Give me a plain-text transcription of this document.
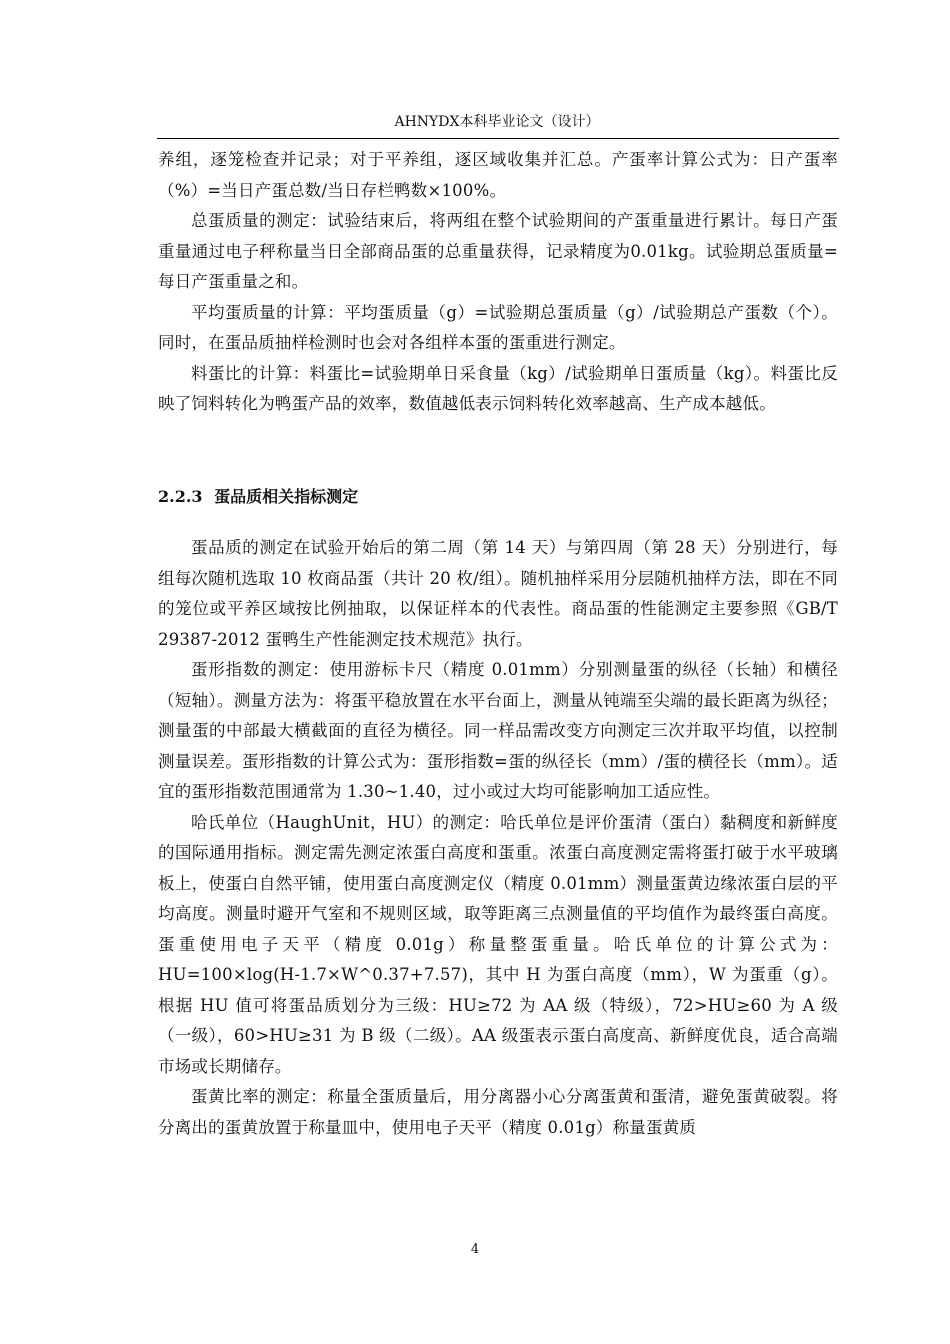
AHNYDX本科毕业论文（设计）

养组，逐笼检查并记录；对于平养组，逐区域收集并汇总。产蛋率计算公式为：日产蛋率（%）=当日产蛋总数/当日存栏鸭数×100%。

总蛋质量的测定：试验结束后，将两组在整个试验期间的产蛋重量进行累计。每日产蛋重量通过电子秤称量当日全部商品蛋的总重量获得，记录精度为0.01kg。试验期总蛋质量=每日产蛋重量之和。

平均蛋质量的计算：平均蛋质量（g）=试验期总蛋质量（g）/试验期总产蛋数（个）。同时，在蛋品质抽样检测时也会对各组样本蛋的蛋重进行测定。

料蛋比的计算：料蛋比=试验期单日采食量（kg）/试验期单日蛋质量（kg）。料蛋比反映了饲料转化为鸭蛋产品的效率，数值越低表示饲料转化效率越高、生产成本越低。

2.2.3 蛋品质相关指标测定

蛋品质的测定在试验开始后的第二周（第 14 天）与第四周（第 28 天）分别进行，每组每次随机选取 10 枚商品蛋（共计 20 枚/组）。随机抽样采用分层随机抽样方法，即在不同的笼位或平养区域按比例抽取，以保证样本的代表性。商品蛋的性能测定主要参照《GB/T 29387-2012 蛋鸭生产性能测定技术规范》执行。

蛋形指数的测定：使用游标卡尺（精度 0.01mm）分别测量蛋的纵径（长轴）和横径（短轴）。测量方法为：将蛋平稳放置在水平台面上，测量从钝端至尖端的最长距离为纵径；测量蛋的中部最大横截面的直径为横径。同一样品需改变方向测定三次并取平均值，以控制测量误差。蛋形指数的计算公式为：蛋形指数=蛋的纵径长（mm）/蛋的横径长（mm）。适宜的蛋形指数范围通常为 1.30~1.40，过小或过大均可能影响加工适应性。

哈氏单位（HaughUnit，HU）的测定：哈氏单位是评价蛋清（蛋白）黏稠度和新鲜度的国际通用指标。测定需先测定浓蛋白高度和蛋重。浓蛋白高度测定需将蛋打破于水平玻璃板上，使蛋白自然平铺，使用蛋白高度测定仪（精度 0.01mm）测量蛋黄边缘浓蛋白层的平均高度。测量时避开气室和不规则区域，取等距离三点测量值的平均值作为最终蛋白高度。蛋重使用电子天平（精度 0.01g）称量整蛋重量。哈氏单位的计算公式为：HU=100×log(H-1.7×W^0.37+7.57)，其中 H 为蛋白高度（mm），W 为蛋重（g）。根据 HU 值可将蛋品质划分为三级：HU≥72 为 AA 级（特级），72>HU≥60 为 A 级（一级），60>HU≥31 为 B 级（二级）。AA 级蛋表示蛋白高度高、新鲜度优良，适合高端市场或长期储存。

蛋黄比率的测定：称量全蛋质量后，用分离器小心分离蛋黄和蛋清，避免蛋黄破裂。将分离出的蛋黄放置于称量皿中，使用电子天平（精度 0.01g）称量蛋黄质

4
